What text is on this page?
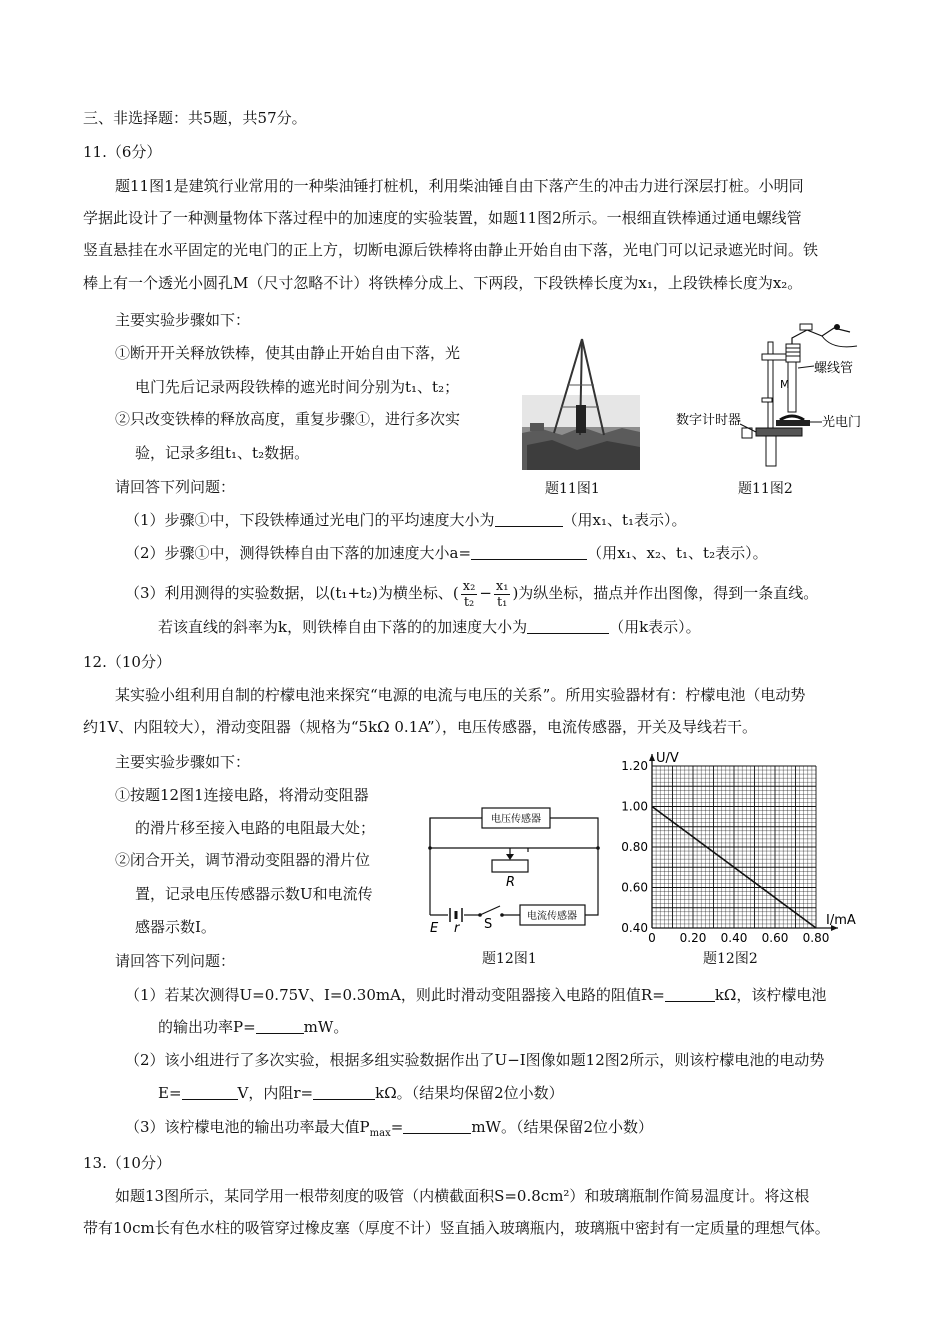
三、非选择题：共5题，共57分。
11.（6分）
题11图1是建筑行业常用的一种柴油锤打桩机，利用柴油锤自由下落产生的冲击力进行深层打桩。小明同
学据此设计了一种测量物体下落过程中的加速度的实验装置，如题11图2所示。一根细直铁棒通过通电螺线管
竖直悬挂在水平固定的光电门的正上方，切断电源后铁棒将由静止开始自由下落，光电门可以记录遮光时间。铁
棒上有一个透光小圆孔M（尺寸忽略不计）将铁棒分成上、下两段，下段铁棒长度为x₁，上段铁棒长度为x₂。
主要实验步骤如下：
①断开开关释放铁棒，使其由静止开始自由下落，光
电门先后记录两段铁棒的遮光时间分别为t₁、t₂；
②只改变铁棒的释放高度，重复步骤①，进行多次实
验，记录多组t₁、t₂数据。
请回答下列问题：	题11图1
M
螺线管
数字计时器	光电门
题11图2
（1）步骤①中，下段铁棒通过光电门的平均速度大小为	（用x₁、t₁表示）。
（2）步骤①中，测得铁棒自由下落的加速度大小a=	（用x₁、x₂、t₁、t₂表示）。
（3）利用测得的实验数据，以(t₁+t₂)为横坐标、( $\frac{\text{x₂}}{\text{t₂}} - \frac{\text{x₁}}{\text{t₁}}$ )为纵坐标，描点并作出图像，得到一条直线。
若该直线的斜率为k，则铁棒自由下落的的加速度大小为	（用k表示）。
12.（10分）
某实验小组利用自制的柠檬电池来探究“电源的电流与电压的关系”。所用实验器材有：柠檬电池（电动势
约1V、内阻较大），滑动变阻器（规格为“5kΩ 0.1A”），电压传感器，电流传感器，开关及导线若干。
主要实验步骤如下：
①按题12图1连接电路，将滑动变阻器
的滑片移至接入电路的电阻最大处；
②闭合开关，调节滑动变阻器的滑片位
置，记录电压传感器示数U和电流传
感器示数I。
请回答下列问题：
电压传感器
电流传感器
R
E r S
题12图1
0 0.20 0.40 0.60 0.80
0.40
0.60
0.80
1.00
1.20
I/mA
U/V
题12图2
（1）若某次测得U=0.75V、I=0.30mA，则此时滑动变阻器接入电路的阻值R=	kΩ，该柠檬电池
的输出功率P=	mW。
（2）该小组进行了多次实验，根据多组实验数据作出了U−I图像如题12图2所示，则该柠檬电池的电动势
E=	V，内阻r=	kΩ。（结果均保留2位小数）
（3）该柠檬电池的输出功率最大值$P_{max}=$	mW。（结果保留2位小数）
13.（10分）
如题13图所示，某同学用一根带刻度的吸管（内横截面积S=0.8cm²）和玻璃瓶制作简易温度计。将这根
带有10cm长有色水柱的吸管穿过橡皮塞（厚度不计）竖直插入玻璃瓶内，玻璃瓶中密封有一定质量的理想气体。
